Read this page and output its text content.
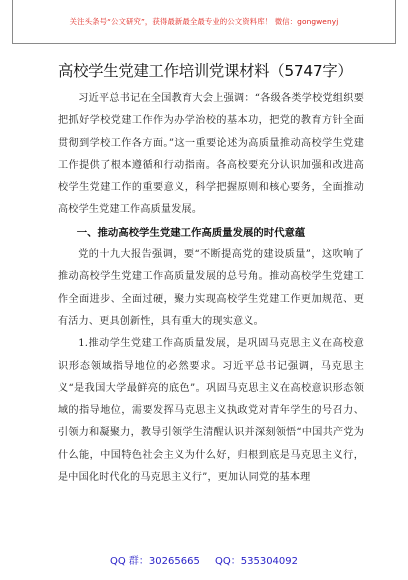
关注头条号“公文研究”，获得最新最全最专业的公文资料库！ 微信：gongwenyj
高校学生党建工作培训党课材料（5747字）

习近平总书记在全国教育大会上强调：“各级各类学校党组织要把抓好学校党建工作作为办学治校的基本功，把党的教育方针全面贯彻到学校工作各方面。”这一重要论述为高质量推动高校学生党建工作提供了根本遵循和行动指南。各高校要充分认识加强和改进高校学生党建工作的重要意义，科学把握原则和核心要务，全面推动高校学生党建工作高质量发展。

一、推动高校学生党建工作高质量发展的时代意蕴

党的十九大报告强调，要“不断提高党的建设质量”，这吹响了推动高校学生党建工作高质量发展的总号角。推动高校学生党建工作全面进步、全面过硬，聚力实现高校学生党建工作更加规范、更有活力、更具创新性，具有重大的现实意义。

1.推动学生党建工作高质量发展，是巩固马克思主义在高校意识形态领域指导地位的必然要求。习近平总书记强调，马克思主义“是我国大学最鲜亮的底色”。巩固马克思主义在高校意识形态领域的指导地位，需要发挥马克思主义执政党对青年学生的号召力、引领力和凝聚力，教导引领学生清醒认识并深刻领悟“中国共产党为什么能，中国特色社会主义为什么好，归根到底是马克思主义行，是中国化时代化的马克思主义行”，更加认同党的基本理

QQ 群：30265665 QQ：535304092
